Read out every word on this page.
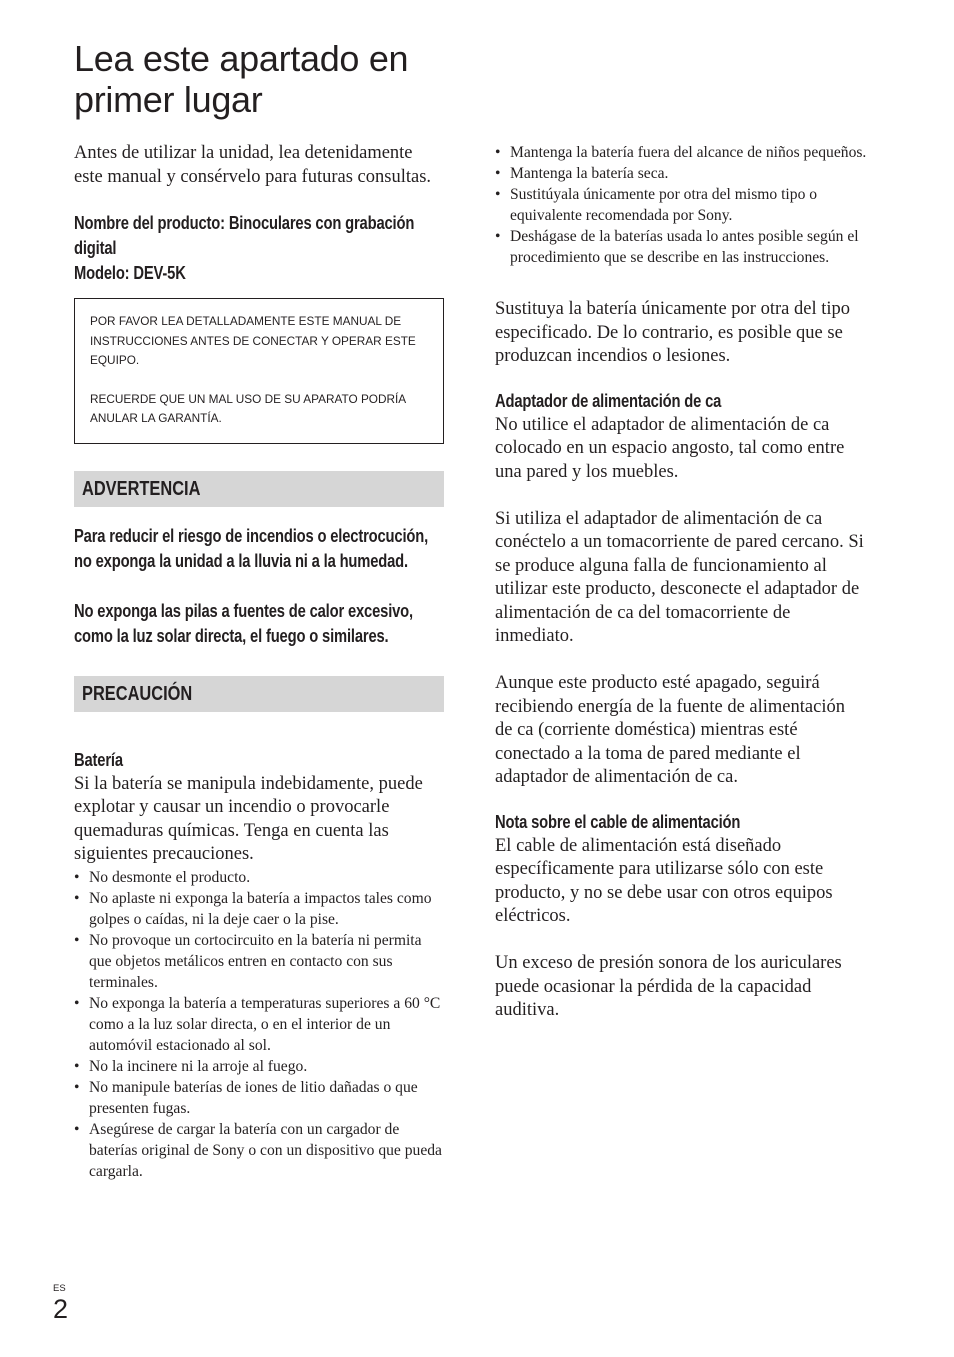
Lea este apartado en primer lugar

Antes de utilizar la unidad, lea detenidamente este manual y consérvelo para futuras consultas.

Nombre del producto: Binoculares con grabación digital

Modelo: DEV-5K

POR FAVOR LEA DETALLADAMENTE ESTE MANUAL DE INSTRUCCIONES ANTES DE CONECTAR Y OPERAR ESTE EQUIPO.
RECUERDE QUE UN MAL USO DE SU APARATO PODRÍA ANULAR LA GARANTÍA.
ADVERTENCIA

Para reducir el riesgo de incendios o electrocución, no exponga la unidad a la lluvia ni a la humedad.

No exponga las pilas a fuentes de calor excesivo, como la luz solar directa, el fuego o similares.

PRECAUCIÓN

Batería

Si la batería se manipula indebidamente, puede explotar y causar un incendio o provocarle quemaduras químicas. Tenga en cuenta las siguientes precauciones.

• No desmonte el producto.
• No aplaste ni exponga la batería a impactos tales como golpes o caídas, ni la deje caer o la pise.
• No provoque un cortocircuito en la batería ni permita que objetos metálicos entren en contacto con sus terminales.
• No exponga la batería a temperaturas superiores a 60 °C como a la luz solar directa, o en el interior de un automóvil estacionado al sol.
• No la incinere ni la arroje al fuego.
• No manipule baterías de iones de litio dañadas o que presenten fugas.
• Asegúrese de cargar la batería con un cargador de baterías original de Sony o con un dispositivo que pueda cargarla.
• Mantenga la batería fuera del alcance de niños pequeños.
• Mantenga la batería seca.
• Sustitúyala únicamente por otra del mismo tipo o equivalente recomendada por Sony.
• Deshágase de la baterías usada lo antes posible según el procedimiento que se describe en las instrucciones.

Sustituya la batería únicamente por otra del tipo especificado. De lo contrario, es posible que se produzcan incendios o lesiones.

Adaptador de alimentación de ca

No utilice el adaptador de alimentación de ca colocado en un espacio angosto, tal como entre una pared y los muebles.

Si utiliza el adaptador de alimentación de ca conéctelo a un tomacorriente de pared cercano. Si se produce alguna falla de funcionamiento al utilizar este producto, desconecte el adaptador de alimentación de ca del tomacorriente de inmediato.

Aunque este producto esté apagado, seguirá recibiendo energía de la fuente de alimentación de ca (corriente doméstica) mientras esté conectado a la toma de pared mediante el adaptador de alimentación de ca.

Nota sobre el cable de alimentación

El cable de alimentación está diseñado específicamente para utilizarse sólo con este producto, y no se debe usar con otros equipos eléctricos.

Un exceso de presión sonora de los auriculares puede ocasionar la pérdida de la capacidad auditiva.

ES
2
